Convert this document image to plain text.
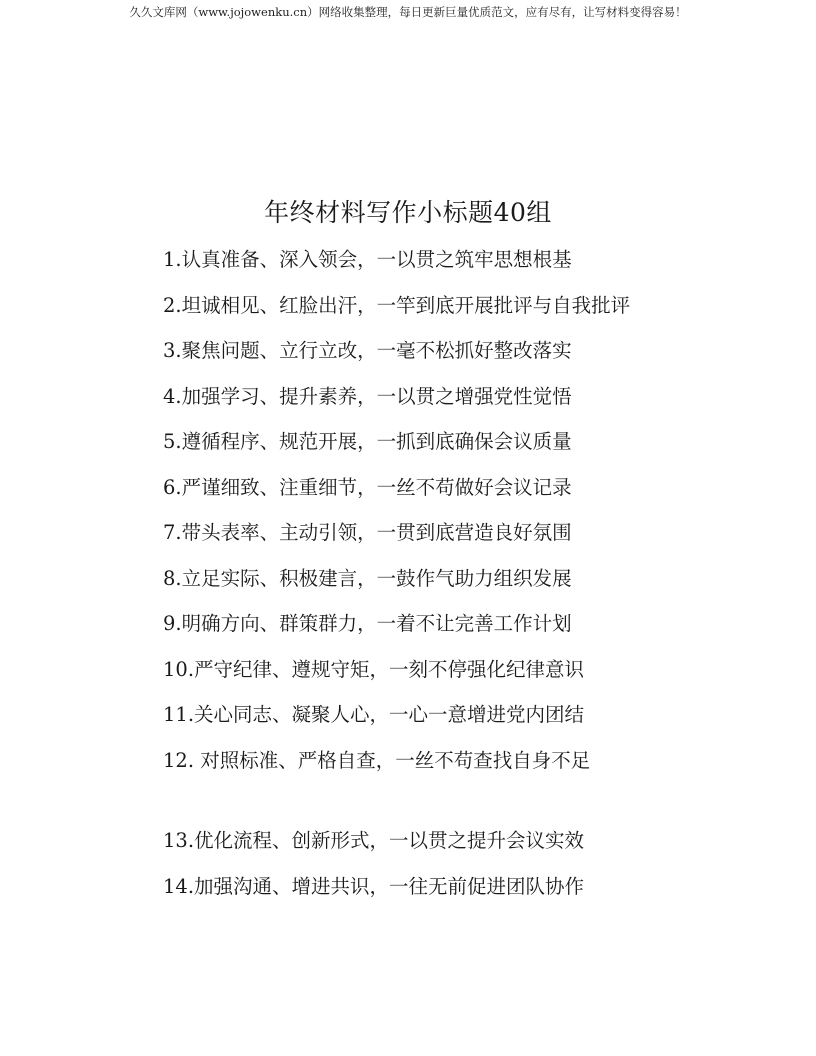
久久文库网（www.jojowenku.cn）网络收集整理，每日更新巨量优质范文，应有尽有，让写材料变得容易！
年终材料写作小标题40组
1.认真准备、深入领会，一以贯之筑牢思想根基
2.坦诚相见、红脸出汗，一竿到底开展批评与自我批评
3.聚焦问题、立行立改，一毫不松抓好整改落实
4.加强学习、提升素养，一以贯之增强党性觉悟
5.遵循程序、规范开展，一抓到底确保会议质量
6.严谨细致、注重细节，一丝不苟做好会议记录
7.带头表率、主动引领，一贯到底营造良好氛围
8.立足实际、积极建言，一鼓作气助力组织发展
9.明确方向、群策群力，一着不让完善工作计划
10.严守纪律、遵规守矩，一刻不停强化纪律意识
11.关心同志、凝聚人心，一心一意增进党内团结
12. 对照标准、严格自查，一丝不苟查找自身不足
13.优化流程、创新形式，一以贯之提升会议实效
14.加强沟通、增进共识，一往无前促进团队协作
